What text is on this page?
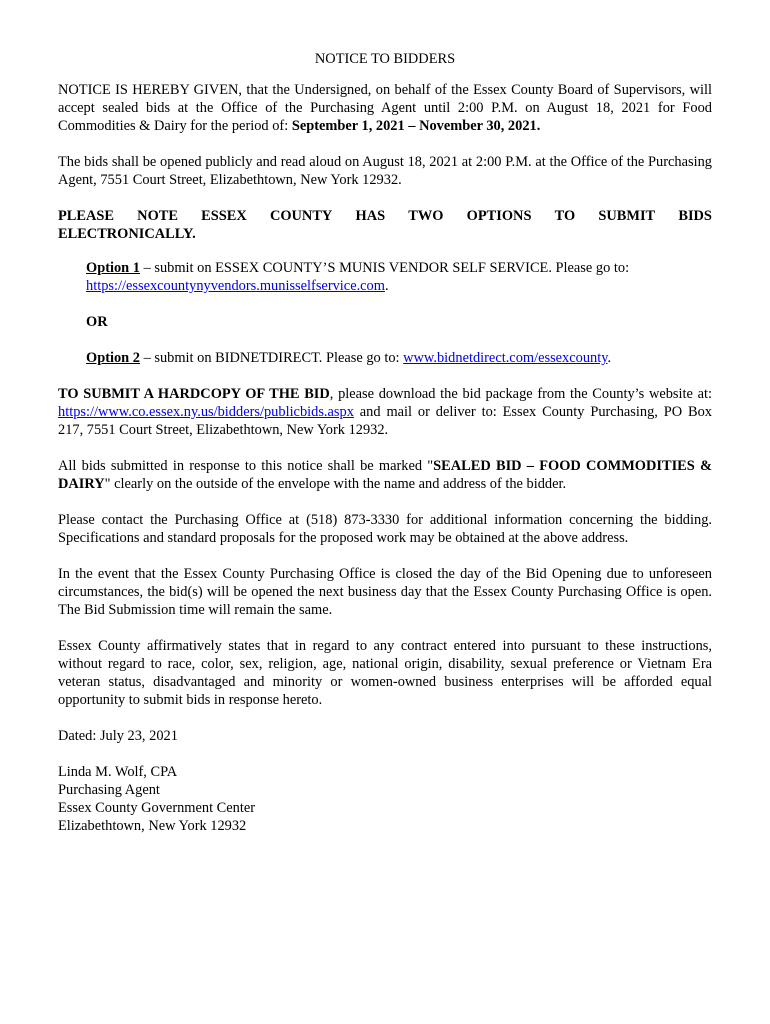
NOTICE TO BIDDERS

NOTICE IS HEREBY GIVEN, that the Undersigned, on behalf of the Essex County Board of Supervisors, will accept sealed bids at the Office of the Purchasing Agent until 2:00 P.M. on August 18, 2021 for Food Commodities & Dairy for the period of: September 1, 2021 – November 30, 2021.

The bids shall be opened publicly and read aloud on August 18, 2021 at 2:00 P.M. at the Office of the Purchasing Agent, 7551 Court Street, Elizabethtown, New York 12932.

PLEASE NOTE ESSEX COUNTY HAS TWO OPTIONS TO SUBMIT BIDS
ELECTRONICALLY.

Option 1 – submit on ESSEX COUNTY’S MUNIS VENDOR SELF SERVICE. Please go to: https://essexcountynyvendors.munisselfservice.com.

OR

Option 2 – submit on BIDNETDIRECT. Please go to: www.bidnetdirect.com/essexcounty.

TO SUBMIT A HARDCOPY OF THE BID, please download the bid package from the County’s website at: https://www.co.essex.ny.us/bidders/publicbids.aspx and mail or deliver to: Essex County Purchasing, PO Box 217, 7551 Court Street, Elizabethtown, New York 12932.

All bids submitted in response to this notice shall be marked "SEALED BID – FOOD COMMODITIES & DAIRY" clearly on the outside of the envelope with the name and address of the bidder.

Please contact the Purchasing Office at (518) 873-3330 for additional information concerning the bidding. Specifications and standard proposals for the proposed work may be obtained at the above address.

In the event that the Essex County Purchasing Office is closed the day of the Bid Opening due to unforeseen circumstances, the bid(s) will be opened the next business day that the Essex County Purchasing Office is open. The Bid Submission time will remain the same.

Essex County affirmatively states that in regard to any contract entered into pursuant to these instructions, without regard to race, color, sex, religion, age, national origin, disability, sexual preference or Vietnam Era veteran status, disadvantaged and minority or women-owned business enterprises will be afforded equal opportunity to submit bids in response hereto.

Dated: July 23, 2021

Linda M. Wolf, CPA
Purchasing Agent
Essex County Government Center
Elizabethtown, New York 12932
